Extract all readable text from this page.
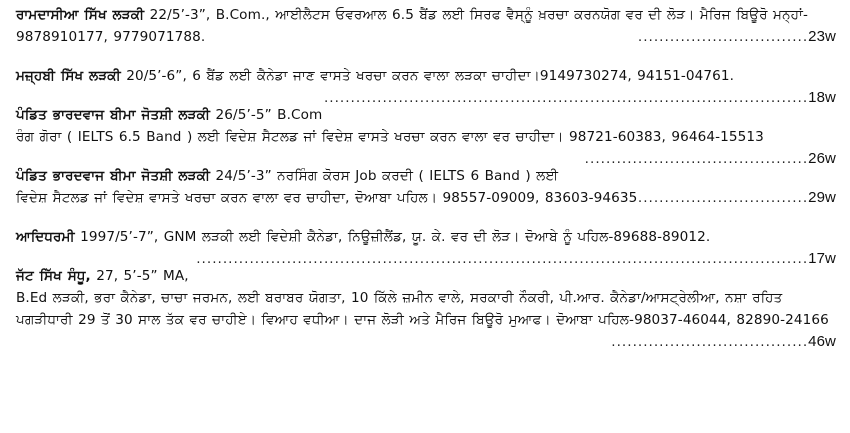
ਰਾਮਦਾਸੀਆ ਸਿੱਖ ਲੜਕੀ 22/5’-3”, B.Com., ਆਈਲੈਟਸ ਓਵਰਆਲ 6.5 ਬੈਂਡ ਲਈ ਸਿਰਫ ਵੈਸ੍ਨੂੰ ਖ਼ਰਚਾ ਕਰਨਯੋਗ ਵਰ ਦੀ ਲੋੜ। ਮੈਰਿਜ ਬਿਊਰੋ ਮਨ੍ਹਾਂ- 9878910177, 9779071788.	................................23w
ਮਜ਼੍ਹਬੀ ਸਿੱਖ ਲੜਕੀ 20/5’-6”, 6 ਬੈਂਡ ਲਈ ਕੈਨੇਡਾ ਜਾਣ ਵਾਸਤੇ ਖਰਚਾ ਕਰਨ ਵਾਲਾ ਲੜਕਾ ਚਾਹੀਦਾ।9149730274, 94151-04761.
...........................................................................................18w
ਪੰਡਿਤ ਭਾਰਦਵਾਜ ਬੀਮਾ ਜੋਤਸ਼ੀ ਲੜਕੀ 26/5’-5” B.Com ਰੰਗ ਗੋਰਾ ( IELTS 6.5 Band ) ਲਈ ਵਿਦੇਸ਼ ਸੈਟਲਡ ਜਾਂ ਵਿਦੇਸ਼ ਵਾਸਤੇ ਖਰਚਾ ਕਰਨ ਵਾਲਾ ਵਰ ਚਾਹੀਦਾ। 98721-60383, 96464-15513
..........................................26w
ਪੰਡਿਤ ਭਾਰਦਵਾਜ ਬੀਮਾ ਜੋਤਸ਼ੀ ਲੜਕੀ 24/5’-3” ਨਰਸਿੰਗ ਕੋਰਸ Job ਕਰਦੀ ( IELTS 6 Band ) ਲਈ ਵਿਦੇਸ਼ ਸੈਟਲਡ ਜਾਂ ਵਿਦੇਸ਼ ਵਾਸਤੇ ਖਰਚਾ ਕਰਨ ਵਾਲਾ ਵਰ ਚਾਹੀਦਾ, ਦੋਆਬਾ ਪਹਿਲ। 98557-09009, 83603-94635 ................................29w
ਆਦਿਧਰਮੀ 1997/5’-7”, GNM ਲੜਕੀ ਲਈ ਵਿਦੇਸ਼ੀ ਕੈਨੇਡਾ, ਨਿਊਜ਼ੀਲੈਂਡ, ਯੂ. ਕੇ. ਵਰ ਦੀ ਲੋੜ। ਦੋਆਬੇ ਨੂੰ ਪਹਿਲ-89688-89012.
...................................................................................................................17w
ਜੱਟ ਸਿੱਖ ਸੰਧੂ, 27, 5’-5” MA, B.Ed ਲੜਕੀ, ਭਰਾ ਕੈਨੇਡਾ, ਚਾਚਾ ਜਰਮਨ, ਲਈ ਬਰਾਬਰ ਯੋਗਤਾ, 10 ਕਿੱਲੇ ਜ਼ਮੀਨ ਵਾਲੇ, ਸਰਕਾਰੀ ਨੌਕਰੀ, ਪੀ.ਆਰ. ਕੈਨੇਡਾ/ਆਸਟ੍ਰੇਲੀਆ, ਨਸ਼ਾ ਰਹਿਤ ਪਗੜੀਧਾਰੀ 29 ਤੋਂ 30 ਸਾਲ ਤੱਕ ਵਰ ਚਾਹੀਏ। ਵਿਆਹ ਵਧੀਆ। ਦਾਜ ਲੋੜੀ ਅਤੇ ਮੈਰਿਜ ਬਿਊਰੋ ਮੁਆਫ। ਦੋਆਬਾ ਪਹਿਲ-98037-46044, 82890-24166
.....................................46w
